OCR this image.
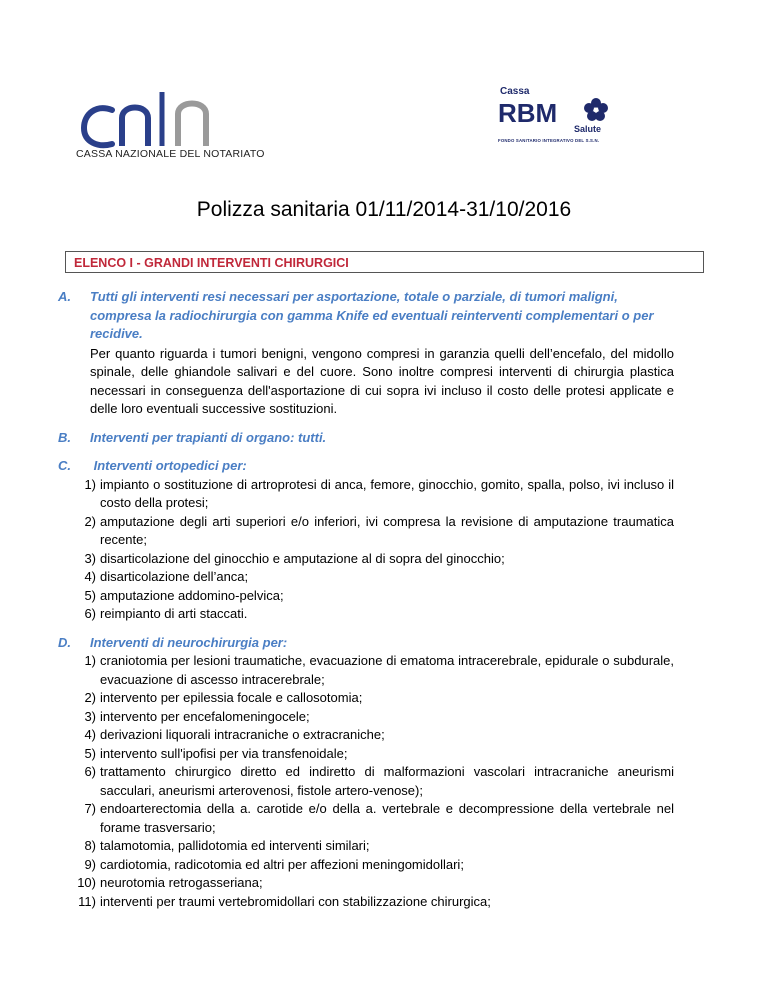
CASSA NAZIONALE DEL NOTARIATO
Cassa
RBM
Salute
FONDO SANITARIO INTEGRATIVO DEL S.S.N.
Polizza sanitaria 01/11/2014-31/10/2016
ELENCO I - GRANDI INTERVENTI CHIRURGICI
A. Tutti gli interventi resi necessari per asportazione, totale o parziale, di tumori maligni, compresa la radiochirurgia con gamma Knife ed eventuali reinterventi complementari o per recidive.
Per quanto riguarda i tumori benigni, vengono compresi in garanzia quelli dell’encefalo, del midollo spinale, delle ghiandole salivari e del cuore. Sono inoltre compresi interventi di chirurgia plastica necessari in conseguenza dell'asportazione di cui sopra ivi incluso il costo delle protesi applicate e delle loro eventuali successive sostituzioni.
B. Interventi per trapianti di organo: tutti.
C. Interventi ortopedici per:
1) impianto o sostituzione di artroprotesi di anca, femore, ginocchio, gomito, spalla, polso, ivi incluso il costo della protesi;
2) amputazione degli arti superiori e/o inferiori, ivi compresa la revisione di amputazione traumatica recente;
3) disarticolazione del ginocchio e amputazione al di sopra del ginocchio;
4) disarticolazione dell’anca;
5) amputazione addomino-pelvica;
6) reimpianto di arti staccati.
D. Interventi di neurochirurgia per:
1) craniotomia per lesioni traumatiche, evacuazione di ematoma intracerebrale, epidurale o subdurale, evacuazione di ascesso intracerebrale;
2) intervento per epilessia focale e callosotomia;
3) intervento per encefalomeningocele;
4) derivazioni liquorali intracraniche o extracraniche;
5) intervento sull'ipofisi per via transfenoidale;
6) trattamento chirurgico diretto ed indiretto di malformazioni vascolari intracraniche aneurismi sacculari, aneurismi arterovenosi, fistole artero-venose);
7) endoarterectomia della a. carotide e/o della a. vertebrale e decompressione della vertebrale nel forame trasversario;
8) talamotomia, pallidotomia ed interventi similari;
9) cardiotomia, radicotomia ed altri per affezioni meningomidollari;
10) neurotomia retrogasseriana;
11) interventi per traumi vertebromidollari con stabilizzazione chirurgica;
